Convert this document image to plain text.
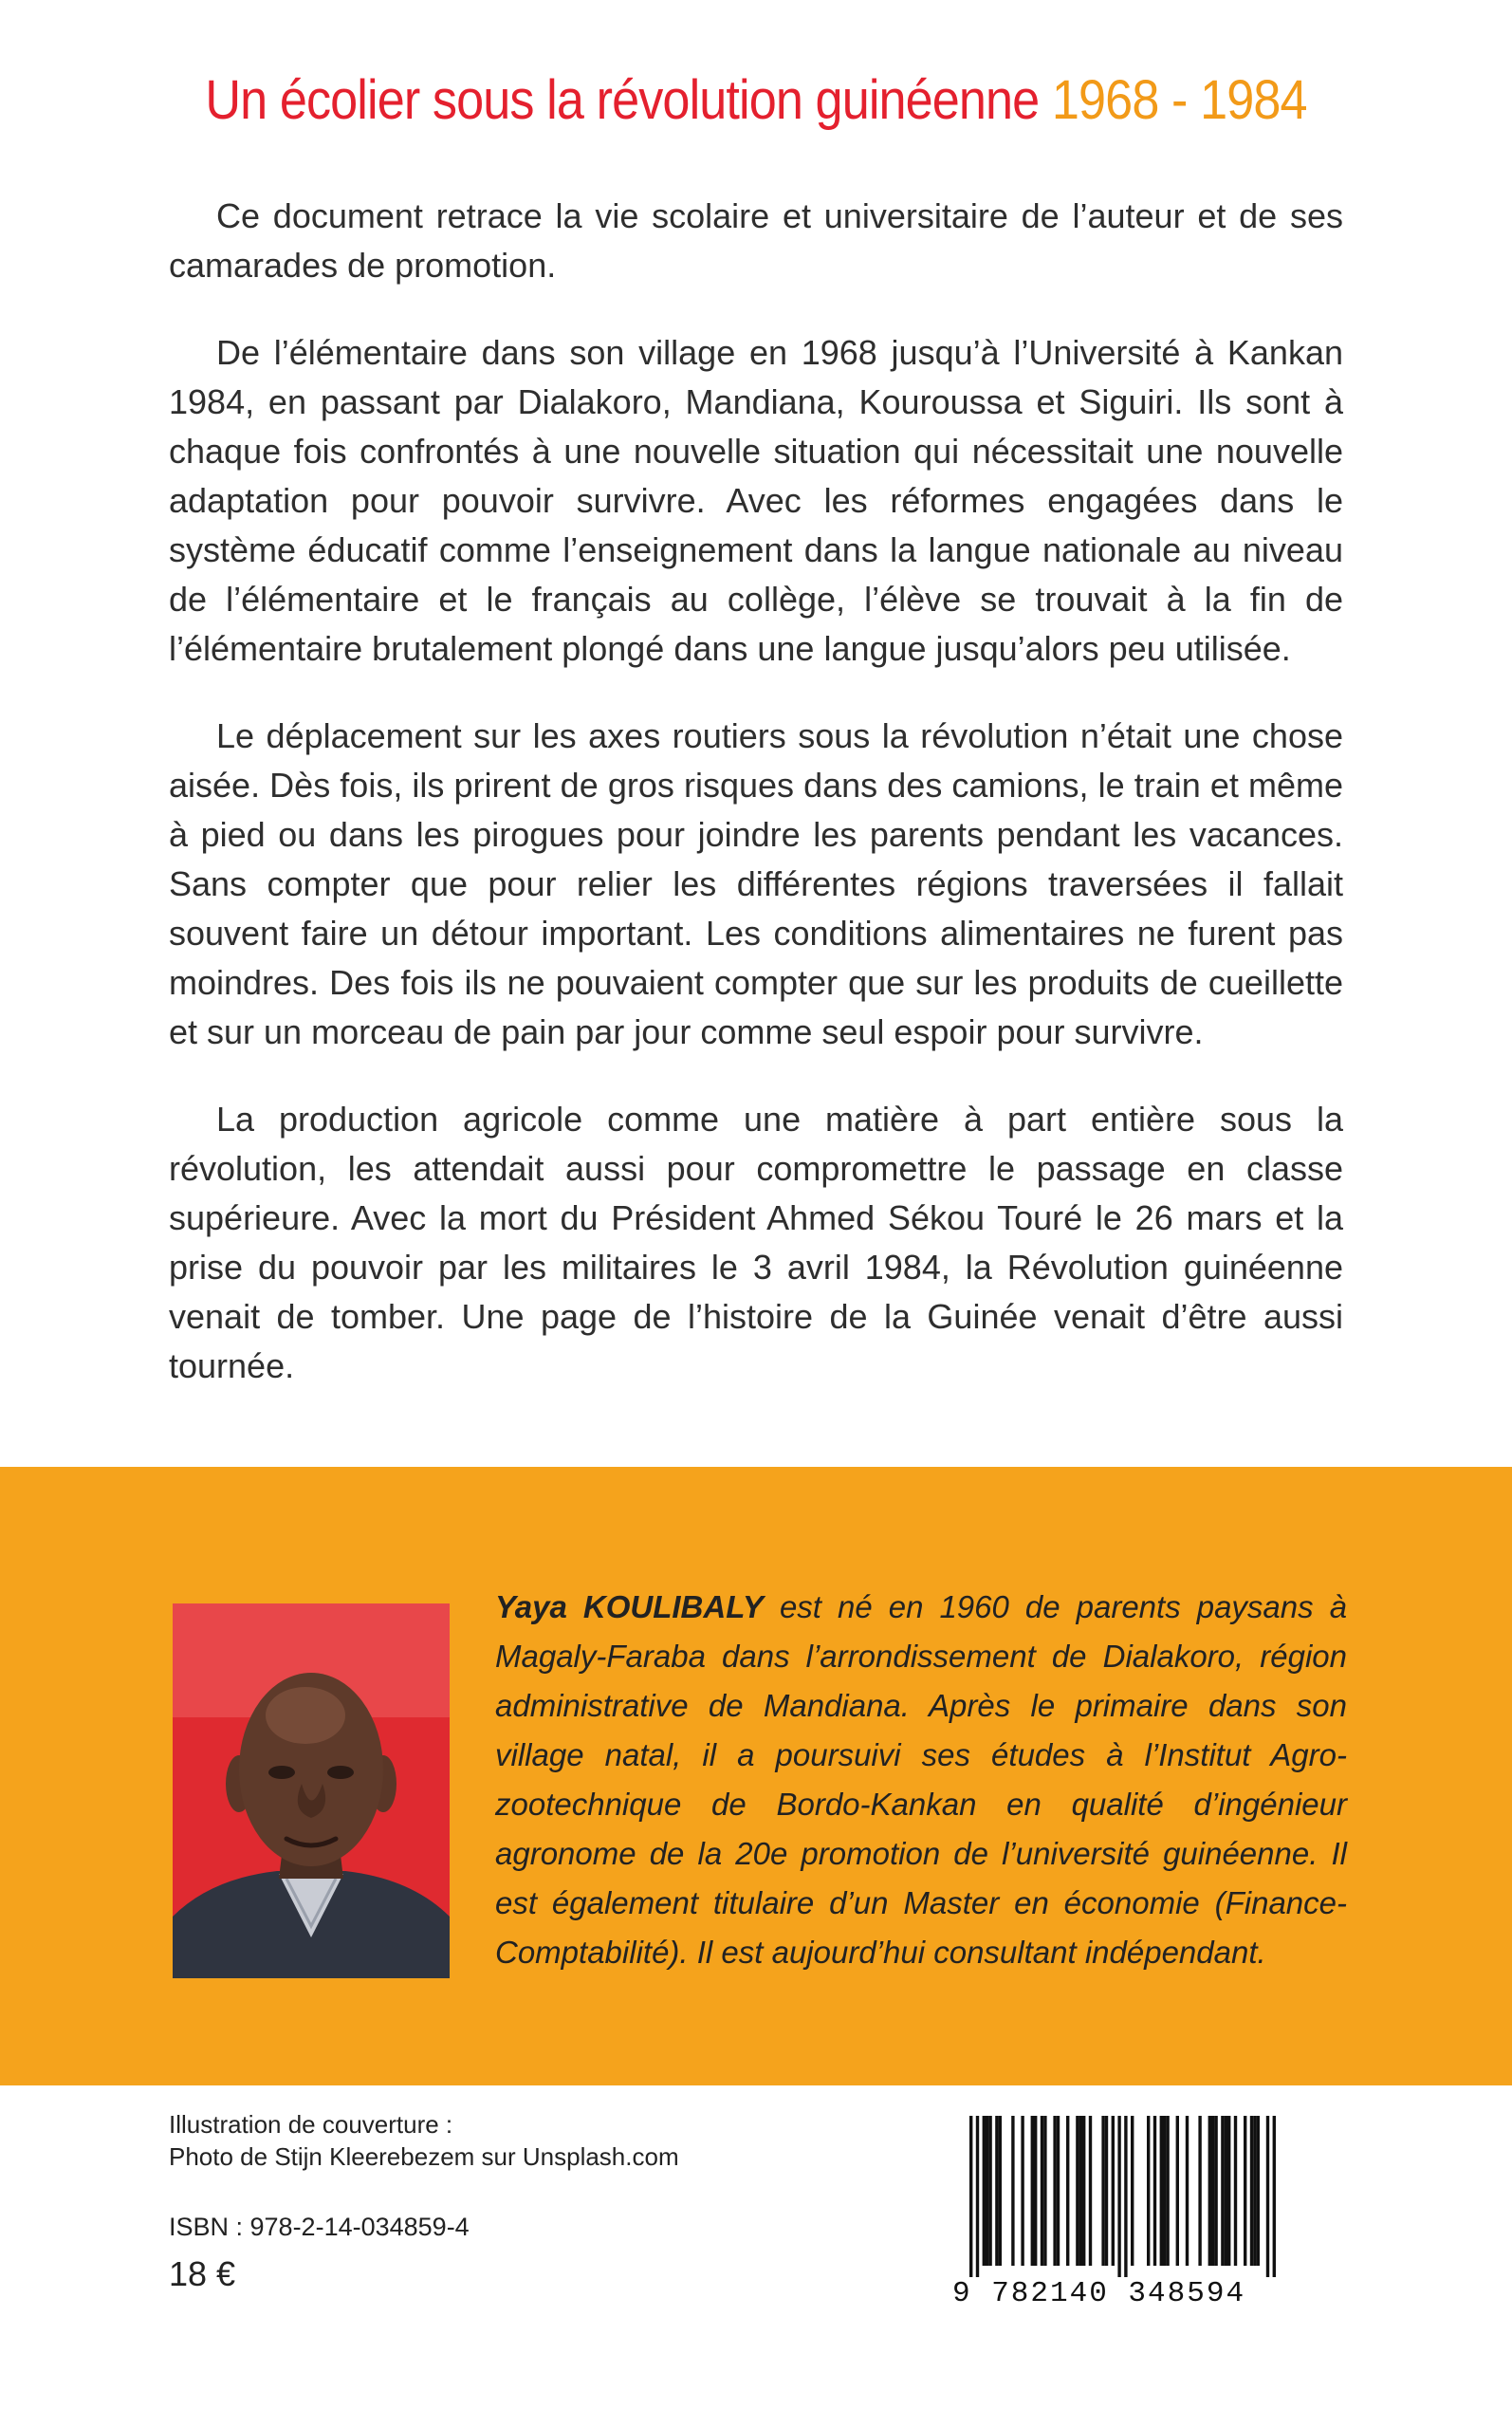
Un écolier sous la révolution guinéenne 1968 - 1984

Ce document retrace la vie scolaire et universitaire de l’auteur et de ses camarades de promotion.

De l’élémentaire dans son village en 1968 jusqu’à l’Université à Kankan 1984, en passant par Dialakoro, Mandiana, Kouroussa et Siguiri. Ils sont à chaque fois confrontés à une nouvelle situation qui nécessitait une nouvelle adaptation pour pouvoir survivre. Avec les réformes engagées dans le système éducatif comme l’enseignement dans la langue nationale au niveau de l’élémentaire et le français au collège, l’élève se trouvait à la fin de l’élémentaire brutalement plongé dans une langue jusqu’alors peu utilisée.

Le déplacement sur les axes routiers sous la révolution n’était une chose aisée. Dès fois, ils prirent de gros risques dans des camions, le train et même à pied ou dans les pirogues pour joindre les parents pendant les vacances. Sans compter que pour relier les différentes régions traversées il fallait souvent faire un détour important. Les conditions alimentaires ne furent pas moindres. Des fois ils ne pouvaient compter que sur les produits de cueillette et sur un morceau de pain par jour comme seul espoir pour survivre.

La production agricole comme une matière à part entière sous la révolution, les attendait aussi pour compromettre le passage en classe supérieure. Avec la mort du Président Ahmed Sékou Touré le 26 mars et la prise du pouvoir par les militaires le 3 avril 1984, la Révolution guinéenne venait de tomber. Une page de l’histoire de la Guinée venait d’être aussi tournée.

Yaya KOULIBALY est né en 1960 de parents paysans à Magaly-Faraba dans l’arrondissement de Dialakoro, région administrative de Mandiana. Après le primaire dans son village natal, il a poursuivi ses études à l’Institut Agro-zootechnique de Bordo-Kankan en qualité d’ingénieur agronome de la 20e promotion de l’université guinéenne. Il est également titulaire d’un Master en économie (Finance-Comptabilité). Il est aujourd’hui consultant indépendant.
Illustration de couverture :
Photo de Stijn Kleerebezem sur Unsplash.com
ISBN : 978-2-14-034859-4
18 €
9 782140 348594
